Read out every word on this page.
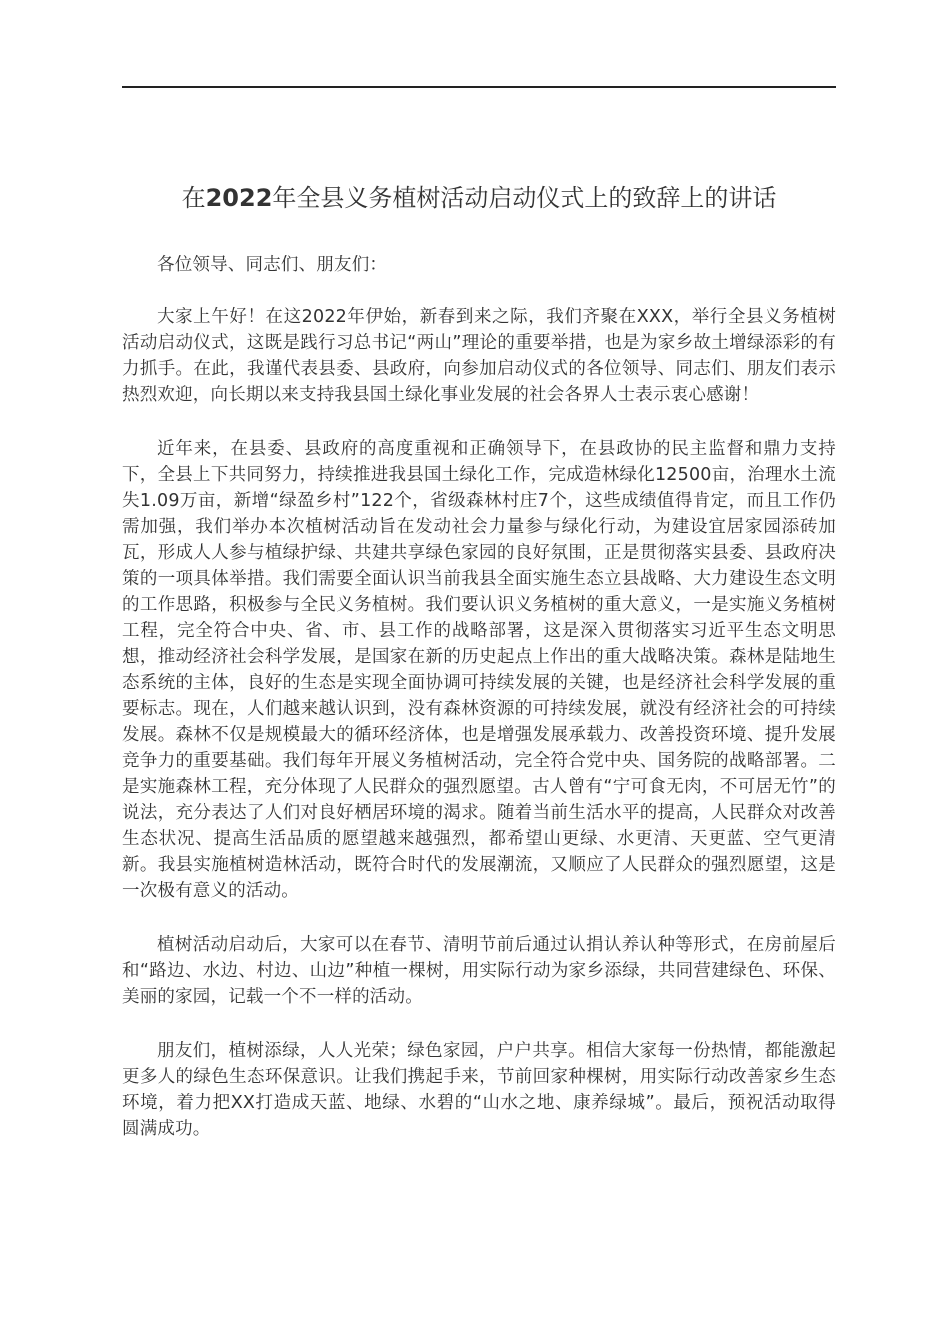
在2022年全县义务植树活动启动仪式上的致辞上的讲话

各位领导、同志们、朋友们：

大家上午好！在这2022年伊始，新春到来之际，我们齐聚在XXX，举行全县义务植树活动启动仪式，这既是践行习总书记“两山”理论的重要举措，也是为家乡故土增绿添彩的有力抓手。在此，我谨代表县委、县政府，向参加启动仪式的各位领导、同志们、朋友们表示热烈欢迎，向长期以来支持我县国土绿化事业发展的社会各界人士表示衷心感谢！

近年来，在县委、县政府的高度重视和正确领导下，在县政协的民主监督和鼎力支持下，全县上下共同努力，持续推进我县国土绿化工作，完成造林绿化12500亩，治理水土流失1.09万亩，新增“绿盈乡村”122个，省级森林村庄7个，这些成绩值得肯定，而且工作仍需加强，我们举办本次植树活动旨在发动社会力量参与绿化行动，为建设宜居家园添砖加瓦，形成人人参与植绿护绿、共建共享绿色家园的良好氛围，正是贯彻落实县委、县政府决策的一项具体举措。我们需要全面认识当前我县全面实施生态立县战略、大力建设生态文明的工作思路，积极参与全民义务植树。我们要认识义务植树的重大意义，一是实施义务植树工程，完全符合中央、省、市、县工作的战略部署，这是深入贯彻落实习近平生态文明思想，推动经济社会科学发展，是国家在新的历史起点上作出的重大战略决策。森林是陆地生态系统的主体，良好的生态是实现全面协调可持续发展的关键，也是经济社会科学发展的重要标志。现在，人们越来越认识到，没有森林资源的可持续发展，就没有经济社会的可持续发展。森林不仅是规模最大的循环经济体，也是增强发展承载力、改善投资环境、提升发展竞争力的重要基础。我们每年开展义务植树活动，完全符合党中央、国务院的战略部署。二是实施森林工程，充分体现了人民群众的强烈愿望。古人曾有“宁可食无肉，不可居无竹”的说法，充分表达了人们对良好栖居环境的渴求。随着当前生活水平的提高，人民群众对改善生态状况、提高生活品质的愿望越来越强烈，都希望山更绿、水更清、天更蓝、空气更清新。我县实施植树造林活动，既符合时代的发展潮流，又顺应了人民群众的强烈愿望，这是一次极有意义的活动。

植树活动启动后，大家可以在春节、清明节前后通过认捐认养认种等形式，在房前屋后和“路边、水边、村边、山边”种植一棵树，用实际行动为家乡添绿，共同营建绿色、环保、美丽的家园，记载一个不一样的活动。

朋友们，植树添绿，人人光荣；绿色家园，户户共享。相信大家每一份热情，都能激起更多人的绿色生态环保意识。让我们携起手来，节前回家种棵树，用实际行动改善家乡生态环境，着力把XX打造成天蓝、地绿、水碧的“山水之地、康养绿城”。最后，预祝活动取得圆满成功。
